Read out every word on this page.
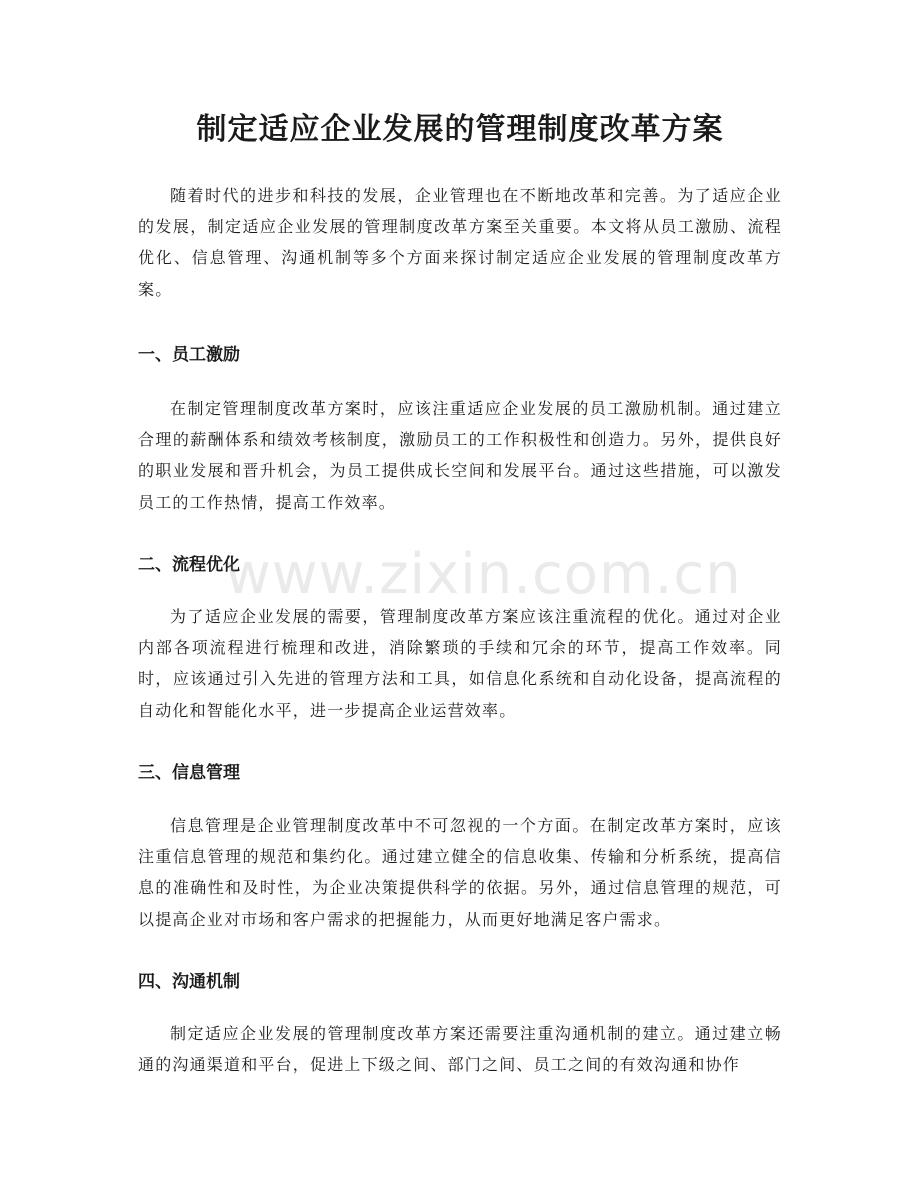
制定适应企业发展的管理制度改革方案

随着时代的进步和科技的发展，企业管理也在不断地改革和完善。为了适应企业的发展，制定适应企业发展的管理制度改革方案至关重要。本文将从员工激励、流程优化、信息管理、沟通机制等多个方面来探讨制定适应企业发展的管理制度改革方案。

一、员工激励

在制定管理制度改革方案时，应该注重适应企业发展的员工激励机制。通过建立合理的薪酬体系和绩效考核制度，激励员工的工作积极性和创造力。另外，提供良好的职业发展和晋升机会，为员工提供成长空间和发展平台。通过这些措施，可以激发员工的工作热情，提高工作效率。

二、流程优化

为了适应企业发展的需要，管理制度改革方案应该注重流程的优化。通过对企业内部各项流程进行梳理和改进，消除繁琐的手续和冗余的环节，提高工作效率。同时，应该通过引入先进的管理方法和工具，如信息化系统和自动化设备，提高流程的自动化和智能化水平，进一步提高企业运营效率。

三、信息管理

信息管理是企业管理制度改革中不可忽视的一个方面。在制定改革方案时，应该注重信息管理的规范和集约化。通过建立健全的信息收集、传输和分析系统，提高信息的准确性和及时性，为企业决策提供科学的依据。另外，通过信息管理的规范，可以提高企业对市场和客户需求的把握能力，从而更好地满足客户需求。

四、沟通机制

制定适应企业发展的管理制度改革方案还需要注重沟通机制的建立。通过建立畅通的沟通渠道和平台，促进上下级之间、部门之间、员工之间的有效沟通和协作

www.zixin.com.cn
